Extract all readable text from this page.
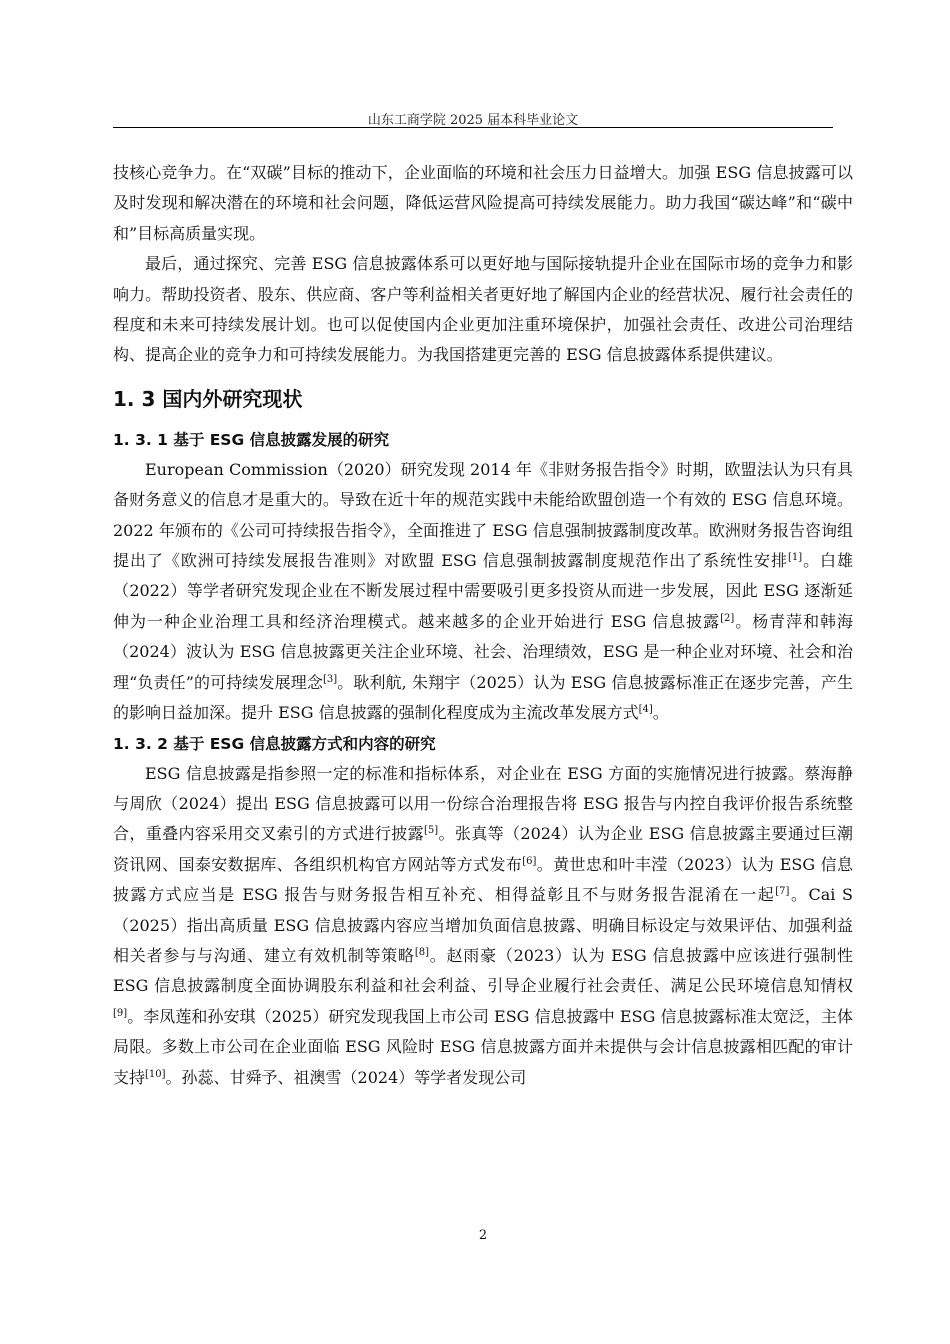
山东工商学院 2025 届本科毕业论文

技核心竞争力。在“双碳”目标的推动下，企业面临的环境和社会压力日益增大。加强 ESG 信息披露可以及时发现和解决潜在的环境和社会问题，降低运营风险提高可持续发展能力。助力我国“碳达峰”和“碳中和”目标高质量实现。

最后，通过探究、完善 ESG 信息披露体系可以更好地与国际接轨提升企业在国际市场的竞争力和影响力。帮助投资者、股东、供应商、客户等利益相关者更好地了解国内企业的经营状况、履行社会责任的程度和未来可持续发展计划。也可以促使国内企业更加注重环境保护，加强社会责任、改进公司治理结构、提高企业的竞争力和可持续发展能力。为我国搭建更完善的 ESG 信息披露体系提供建议。

1. 3 国内外研究现状
1. 3. 1 基于 ESG 信息披露发展的研究

European Commission（2020）研究发现 2014 年《非财务报告指令》时期，欧盟法认为只有具备财务意义的信息才是重大的。导致在近十年的规范实践中未能给欧盟创造一个有效的 ESG 信息环境。2022 年颁布的《公司可持续报告指令》，全面推进了 ESG 信息强制披露制度改革。欧洲财务报告咨询组提出了《欧洲可持续发展报告准则》对欧盟 ESG 信息强制披露制度规范作出了系统性安排[1]。白雄（2022）等学者研究发现企业在不断发展过程中需要吸引更多投资从而进一步发展，因此 ESG 逐渐延伸为一种企业治理工具和经济治理模式。越来越多的企业开始进行 ESG 信息披露[2]。杨青萍和韩海（2024）波认为 ESG 信息披露更关注企业环境、社会、治理绩效，ESG 是一种企业对环境、社会和治理“负责任”的可持续发展理念[3]。耿利航, 朱翔宇（2025）认为 ESG 信息披露标准正在逐步完善，产生的影响日益加深。提升 ESG 信息披露的强制化程度成为主流改革发展方式[4]。

1. 3. 2 基于 ESG 信息披露方式和内容的研究

ESG 信息披露是指参照一定的标准和指标体系，对企业在 ESG 方面的实施情况进行披露。蔡海静与周欣（2024）提出 ESG 信息披露可以用一份综合治理报告将 ESG 报告与内控自我评价报告系统整合，重叠内容采用交叉索引的方式进行披露[5]。张真等（2024）认为企业 ESG 信息披露主要通过巨潮资讯网、国泰安数据库、各组织机构官方网站等方式发布[6]。黄世忠和叶丰滢（2023）认为 ESG 信息披露方式应当是 ESG 报告与财务报告相互补充、相得益彰且不与财务报告混淆在一起[7]。Cai S（2025）指出高质量 ESG 信息披露内容应当增加负面信息披露、明确目标设定与效果评估、加强利益相关者参与与沟通、建立有效机制等策略[8]。赵雨豪（2023）认为 ESG 信息披露中应该进行强制性 ESG 信息披露制度全面协调股东利益和社会利益、引导企业履行社会责任、满足公民环境信息知情权[9]。李凤莲和孙安琪（2025）研究发现我国上市公司 ESG 信息披露中 ESG 信息披露标准太宽泛，主体局限。多数上市公司在企业面临 ESG 风险时 ESG 信息披露方面并未提供与会计信息披露相匹配的审计支持[10]。孙蕊、甘舜予、祖澳雪（2024）等学者发现公司

2
